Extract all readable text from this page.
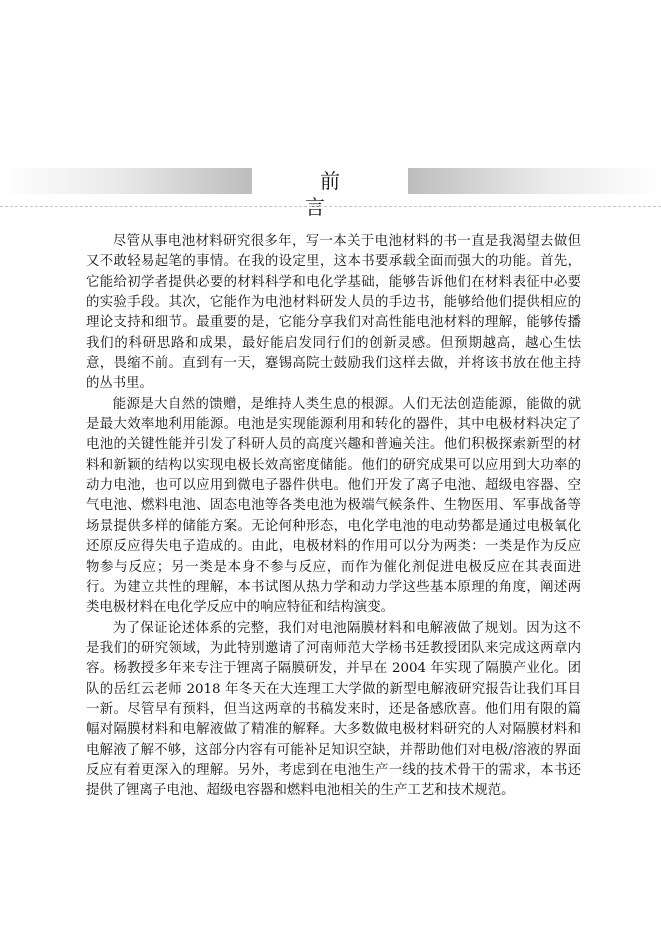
前 言

尽管从事电池材料研究很多年，写一本关于电池材料的书一直是我渴望去做但又不敢轻易起笔的事情。在我的设定里，这本书要承载全面而强大的功能。首先，它能给初学者提供必要的材料科学和电化学基础，能够告诉他们在材料表征中必要的实验手段。其次，它能作为电池材料研发人员的手边书，能够给他们提供相应的理论支持和细节。最重要的是，它能分享我们对高性能电池材料的理解，能够传播我们的科研思路和成果，最好能启发同行们的创新灵感。但预期越高，越心生怯意，畏缩不前。直到有一天，蹇锡高院士鼓励我们这样去做，并将该书放在他主持的丛书里。

能源是大自然的馈赠，是维持人类生息的根源。人们无法创造能源，能做的就是最大效率地利用能源。电池是实现能源利用和转化的器件，其中电极材料决定了电池的关键性能并引发了科研人员的高度兴趣和普遍关注。他们积极探索新型的材料和新颖的结构以实现电极长效高密度储能。他们的研究成果可以应用到大功率的动力电池，也可以应用到微电子器件供电。他们开发了离子电池、超级电容器、空气电池、燃料电池、固态电池等各类电池为极端气候条件、生物医用、军事战备等场景提供多样的储能方案。无论何种形态，电化学电池的电动势都是通过电极氧化还原反应得失电子造成的。由此，电极材料的作用可以分为两类：一类是作为反应物参与反应；另一类是本身不参与反应，而作为催化剂促进电极反应在其表面进行。为建立共性的理解，本书试图从热力学和动力学这些基本原理的角度，阐述两类电极材料在电化学反应中的响应特征和结构演变。

为了保证论述体系的完整，我们对电池隔膜材料和电解液做了规划。因为这不是我们的研究领域，为此特别邀请了河南师范大学杨书廷教授团队来完成这两章内容。杨教授多年来专注于锂离子隔膜研发，并早在 2004 年实现了隔膜产业化。团队的岳红云老师 2018 年冬天在大连理工大学做的新型电解液研究报告让我们耳目一新。尽管早有预料，但当这两章的书稿发来时，还是备感欣喜。他们用有限的篇幅对隔膜材料和电解液做了精准的解释。大多数做电极材料研究的人对隔膜材料和电解液了解不够，这部分内容有可能补足知识空缺，并帮助他们对电极/溶液的界面反应有着更深入的理解。另外，考虑到在电池生产一线的技术骨干的需求，本书还提供了锂离子电池、超级电容器和燃料电池相关的生产工艺和技术规范。
